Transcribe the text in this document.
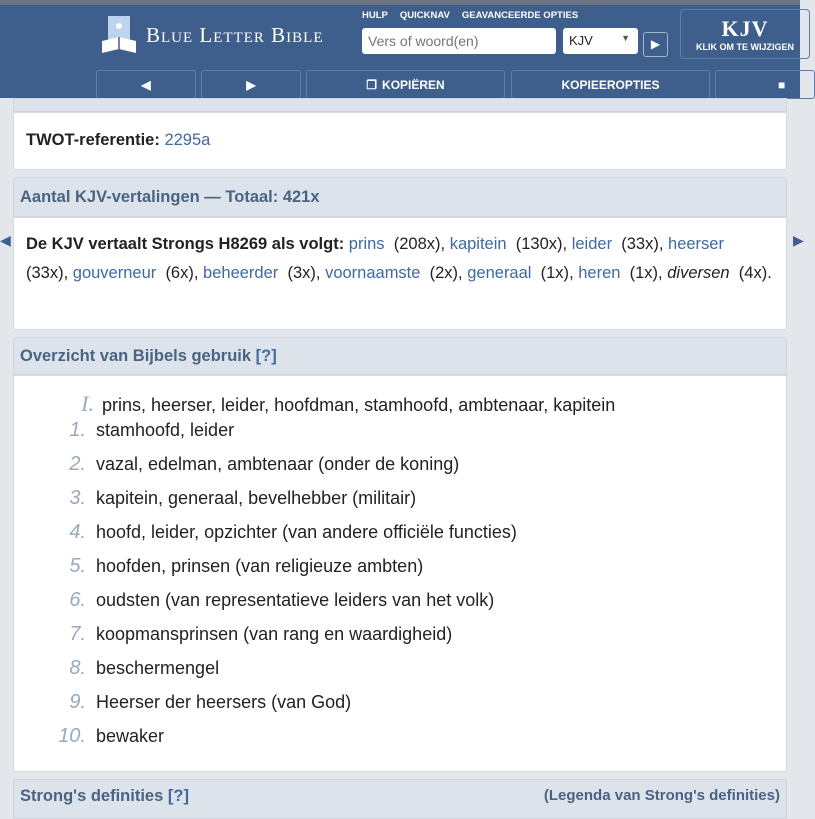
Blue Letter Bible
HULP QUICKNAV GEAVANCEERDE OPTIES
Vers of woord(en)
KJV	▼	▶
KJV
KLIK OM TE WIJZIGEN
◀	▶	❐ KOPIËREN	KOPIEEROPTIES	■
TWOT-referentie: 2295a
Aantal KJV-vertalingen — Totaal: 421x
De KJV vertaalt Strongs H8269 als volgt: prins (208x), kapitein (130x), leider (33x), heerser  (33x), gouverneur (6x), beheerder (3x), voornaamste (2x), generaal (1x), heren (1x), diversen (4x).
Overzicht van Bijbels gebruik [?]
I. prins, heerser, leider, hoofdman, stamhoofd, ambtenaar, kapitein
1. stamhoofd, leider
2. vazal, edelman, ambtenaar (onder de koning)
3. kapitein, generaal, bevelhebber (militair)
4. hoofd, leider, opzichter (van andere officiële functies)
5. hoofden, prinsen (van religieuze ambten)
6. oudsten (van representatieve leiders van het volk)
7. koopmansprinsen (van rang en waardigheid)
8. beschermengel
9. Heerser der heersers (van God)
10. bewaker
Strong's definities [?]	(Legenda van Strong's definities)
◀	▶
